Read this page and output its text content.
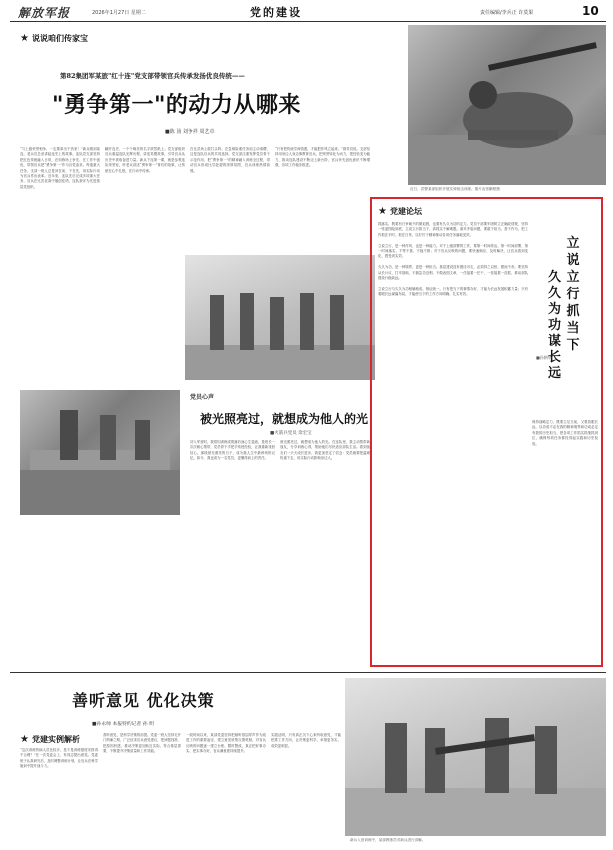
解放军报	2026年1月27日 星期二	党的建设	责任编辑/李兵正 许莫果	10
★ 说说咱们传家宝
第82集团军某旅"红十连"党支部带领官兵传承发扬优良传统——
"勇争第一"的动力从哪来
■陈 汤 刘争祥 周艺卓
近日，武警某部组织开展实弹射击训练。图片由张鹏程摄
“与上级荣誉相争，一定要拿出干劲来！”新兵刚到某连，老兵们总爱讲起连史上的故事。连队党支部坚持把红色传统融入日常，在训练场上争先、在工作中创优，带领官兵把“勇争第一”作为自觉追求。每逢重大任务，支部一班人总是冲在前、干在先，用实际行动为官兵作出表率。近年来，连队先后完成多项重大任务，官兵在比武竞赛中屡创佳绩，连队被评为先进基层党组织。
翻开连史，一个个响亮的名字跃然纸上。党支部组织官兵重温连队光辉历程，讲述英模故事，引导官兵从历史中汲取奋进力量。新兵下连第一课，就是参观连队荣誉室，听老兵讲述“勇争第一”背后的故事，让传统在心中扎根，在行动中传承。
在比武场上敢打头阵、在急难险重任务前主动请缨，这是连队官兵的共同选择。党支部注重发挥党员骨干示范作用，把“勇争第一”的精神融入训练全过程，带动官兵形成比学赶超的浓厚氛围，官兵训练热情高涨。
“只有把传统学深悟透，才能把作风立起来。”指导员说。支部坚持用身边人身边事教育官兵，把荣誉转化为动力，把经验变为能力，推动连队建设不断迈上新台阶，官兵争先创优意识不断增强，各项工作稳步推进。
党员心声
被光照亮过，就想成为他人的光
■火箭兵党员 余宏宝
初入军营时，我曾因训练成绩落后而心生退意。是班长一次次耐心帮带，党员骨干手把手传授经验，让我重新找回信心。那段被光照亮的日子，成为我人生中最珍贵的记忆。如今，我也成为一名党员，更懂得肩上的责任。
被光照亮过，就想成为他人的光。在连队里，我主动帮带新战友，分享训练心得，帮助他们尽快适应部队生活。看到战友们一天天成长进步，我更加坚定了信念：党员就要把温暖传递下去，用实际行动影响身边人。
★ 党建论坛
立说立行抓当下
久久为功谋长远
■孙朝华
抓落实，既要有只争朝夕的紧迫感，也要有久久为功的定力。党员干部要牢固树立正确政绩观，坚持一张蓝图绘到底，立说立行抓当下，真抓实干解难题。面对矛盾问题，要敢于担当、善于作为，把工作抓在平时、抓在日常，以钉钉子精神推动各项任务落地见效。

立说立行，是一种作风，也是一种能力。对于上级部署的工作，要第一时间传达、第一时间部署、第一时间落实，不等不靠、不拖不推；对于官兵反映的问题，要快速响应、及时解决，让官兵看到变化、感受到实效。

久久为功，是一种境界，更是一种担当。基层建设没有捷径可走，必须持之以恒、锲而不舍。要坚持从长计议、打牢基础，不搞急功近利、不做表面文章，一任接着一任干，一茬接着一茬抓，推动部队建设行稳致远。

立说立行与久久为功相辅相成、辩证统一。只有把当下的事情办好，才能为长远发展积蓄力量；只有着眼长远谋篇布局，才能使当下的工作方向明确、扎实有效。
保持战略定力，既要立足当前，又要放眼长远，以功成不必在我的精神境界和功成必定有我的历史担当，把各项工作抓实抓细抓到位，确保每项任务都经得起实践和历史检验。
善听意见 优化决策
■孙永帅 本报特约记者 孙 明
★ 党建实例解析
“这次训练伤病人员比较多，是不是训练强度安排得不合理？”在一次党委会上，有同志提出意见。党委班子认真研究后，及时调整训练计划，让官兵在科学施训中提升战斗力。
善听意见，是科学决策的前提。党委一班人坚持走开门纳谏之路，广泛征求官兵意见建议，把问题找准、把原因析透，推动决策更加贴近实际、符合基层需要，不断提升决策质量和工作效能。
一段时间以来，某部党委坚持把倾听基层呼声作为改进工作的重要途径，建立意见收集反馈机制，对官兵反映的问题逐一建立台账、限时整改，真正把好事办实、把实事办好，官兵满意度持续提升。
实践证明，只有真正沉下心来听取意见，才能把准工作方向，让决策更科学、举措更务实、成效更明显。
新兵入营训练中，某部教练员对新兵进行讲解。
